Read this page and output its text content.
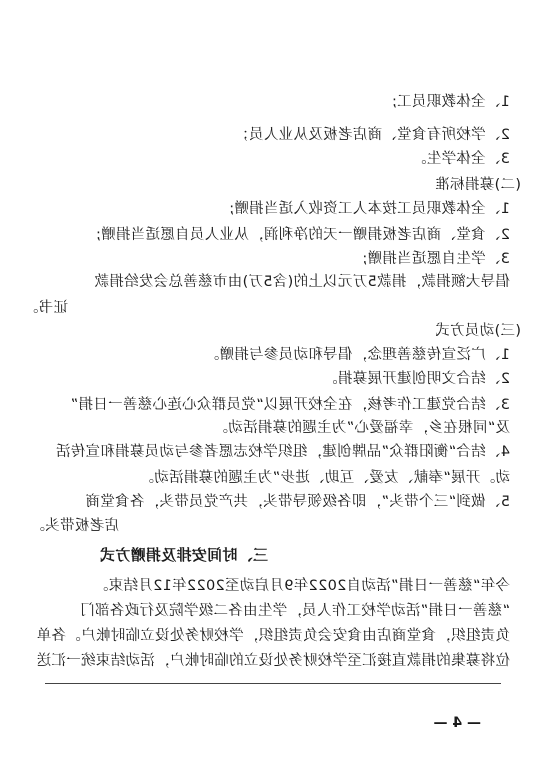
1、全体教职员工;
2、学校所有食堂、商店老板及从业人员；
3、全体学生。
(二)募捐标准
1、全体教职员工按本人工资收入适当捐赠;
2、食堂、商店老板捐赠一天的净利润，从业人员自愿适当捐赠;
3、学生自愿适当捐赠;
倡导大额捐款，捐款5万元以上的(含5万)由市慈善总会发给捐款
证书。
(三)动员方式
1、广泛宣传慈善理念，倡导和动员参与捐赠。
2、结合文明创建开展募捐。
3、结合党建工作考核，在全校开展以“党员群众心连心慈善一日捐”
及“同根在乡，幸福爱心”为主题的募捐活动。
4、结合“衡阳群众”品牌创建，组织学校志愿者参与动员募捐和宣传活
动。开展“奉献、友爱、互助、进步”为主题的募捐活动。
5、做到“三个带头”，即各级领导带头，共产党员带头，各食堂商
店老板带头。
三、时间安排及捐赠方式
今年“慈善一日捐”活动自2022年9月启动至2022年12月结束。
“慈善一日捐”活动学校工作人员，学生由各二级学院及行政各部门
负责组织，食堂商店由食安会负责组织，学校财务处设立临时帐户。各单
位将募集的捐款直接汇至学校财务处设立的临时帐户，活动结束统一汇送
— 4 —
